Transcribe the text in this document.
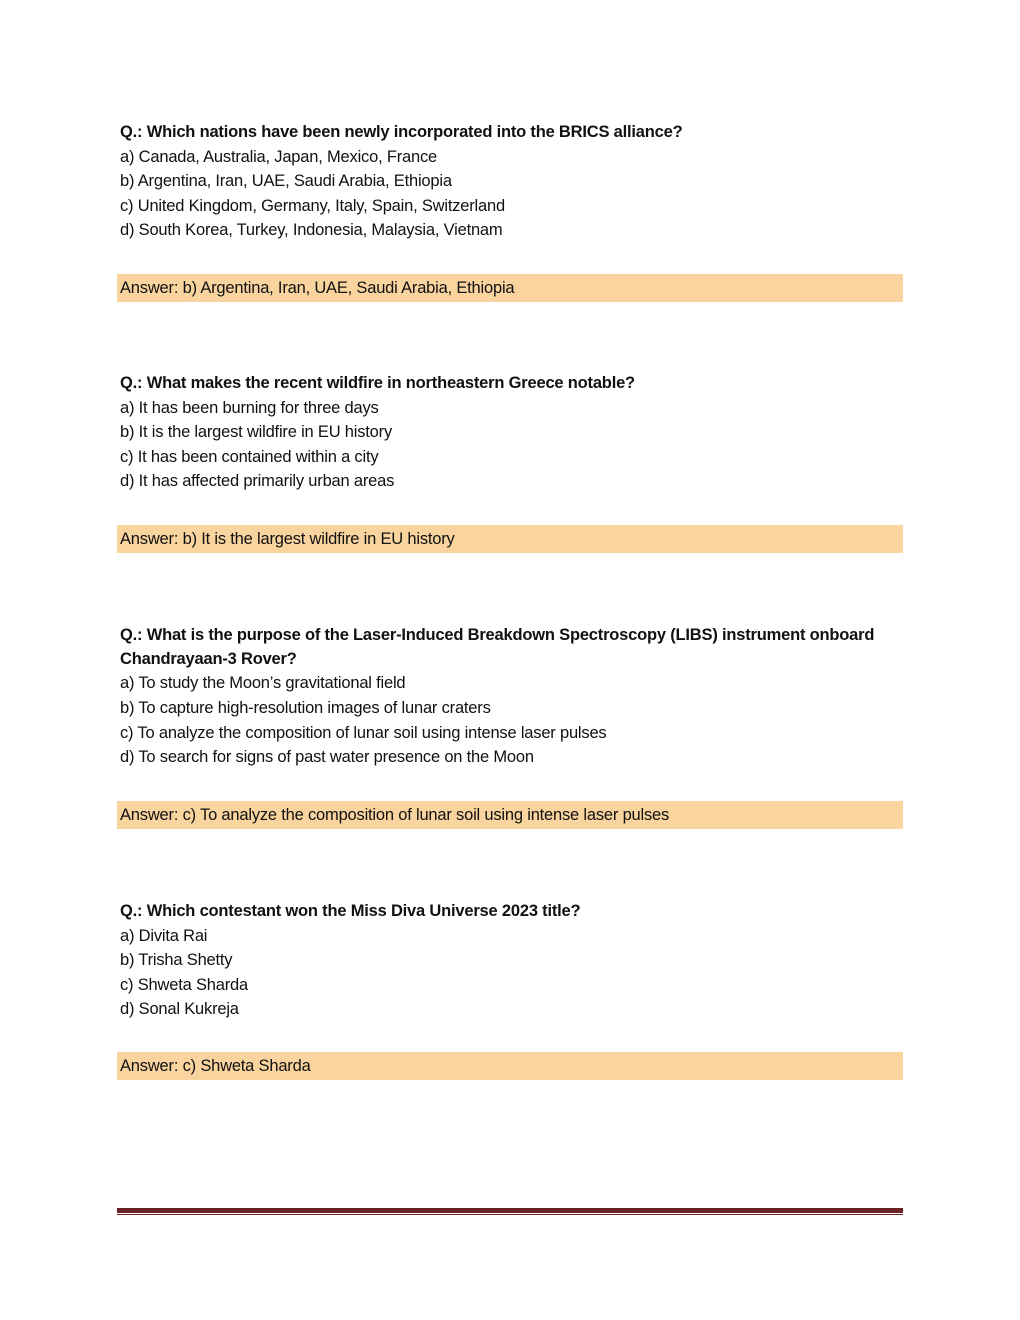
Q.: Which nations have been newly incorporated into the BRICS alliance?
a) Canada, Australia, Japan, Mexico, France
b) Argentina, Iran, UAE, Saudi Arabia, Ethiopia
c) United Kingdom, Germany, Italy, Spain, Switzerland
d) South Korea, Turkey, Indonesia, Malaysia, Vietnam
Answer: b) Argentina, Iran, UAE, Saudi Arabia, Ethiopia
Q.: What makes the recent wildfire in northeastern Greece notable?
a) It has been burning for three days
b) It is the largest wildfire in EU history
c) It has been contained within a city
d) It has affected primarily urban areas
Answer: b) It is the largest wildfire in EU history
Q.: What is the purpose of the Laser-Induced Breakdown Spectroscopy (LIBS) instrument onboard Chandrayaan-3 Rover?
a) To study the Moon’s gravitational field
b) To capture high-resolution images of lunar craters
c) To analyze the composition of lunar soil using intense laser pulses
d) To search for signs of past water presence on the Moon
Answer: c) To analyze the composition of lunar soil using intense laser pulses
Q.: Which contestant won the Miss Diva Universe 2023 title?
a) Divita Rai
b) Trisha Shetty
c) Shweta Sharda
d) Sonal Kukreja
Answer: c) Shweta Sharda
